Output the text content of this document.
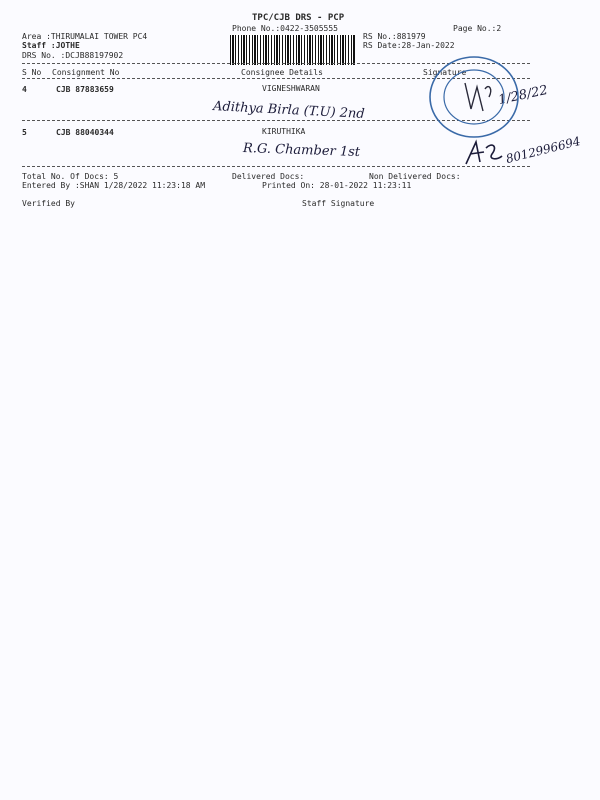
TPC/CJB DRS - PCP
Phone No.:0422-3505555	Page No.:2
Area :THIRUMALAI TOWER PC4
Staff :JOTHE
DRS No. :DCJB88197902
RS No.:881979
RS Date:28-Jan-2022
S No Consignment No	Consignee Details	Signature
4	CJB 87883659	VIGNESHWARAN
Adithya Birla (T.U) 2nd
1/28/22
5	CJB 88040344	KIRUTHIKA
R.G. Chamber 1st	8012996694
Total No. Of Docs: 5	Delivered Docs:	Non Delivered Docs:
Entered By :SHAN 1/28/2022 11:23:18 AM	Printed On: 28-01-2022 11:23:11
Verified By	Staff Signature
